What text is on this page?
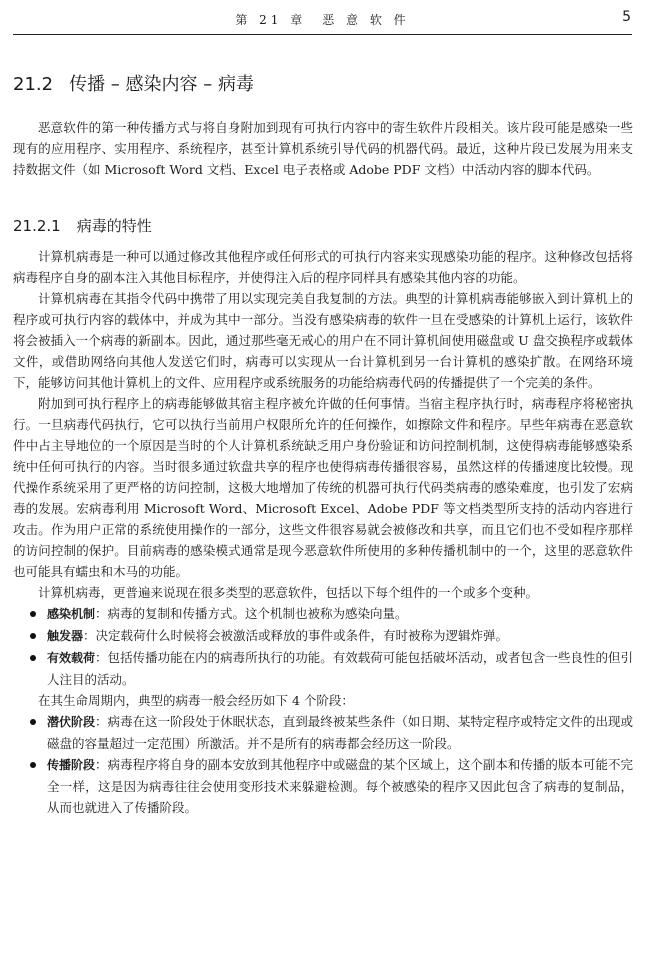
第 21 章　恶 意 软 件	5
21.2 传播 – 感染内容 – 病毒

恶意软件的第一种传播方式与将自身附加到现有可执行内容中的寄生软件片段相关。该片段可能是感染一些现有的应用程序、实用程序、系统程序，甚至计算机系统引导代码的机器代码。最近，这种片段已发展为用来支持数据文件（如 Microsoft Word 文档、Excel 电子表格或 Adobe PDF 文档）中活动内容的脚本代码。

21.2.1 病毒的特性

计算机病毒是一种可以通过修改其他程序或任何形式的可执行内容来实现感染功能的程序。这种修改包括将病毒程序自身的副本注入其他目标程序，并使得注入后的程序同样具有感染其他内容的功能。

计算机病毒在其指令代码中携带了用以实现完美自我复制的方法。典型的计算机病毒能够嵌入到计算机上的程序或可执行内容的载体中，并成为其中一部分。当没有感染病毒的软件一旦在受感染的计算机上运行，该软件将会被插入一个病毒的新副本。因此，通过那些毫无戒心的用户在不同计算机间使用磁盘或 U 盘交换程序或载体文件，或借助网络向其他人发送它们时，病毒可以实现从一台计算机到另一台计算机的感染扩散。在网络环境下，能够访问其他计算机上的文件、应用程序或系统服务的功能给病毒代码的传播提供了一个完美的条件。

附加到可执行程序上的病毒能够做其宿主程序被允许做的任何事情。当宿主程序执行时，病毒程序将秘密执行。一旦病毒代码执行，它可以执行当前用户权限所允许的任何操作，如擦除文件和程序。早些年病毒在恶意软件中占主导地位的一个原因是当时的个人计算机系统缺乏用户身份验证和访问控制机制，这使得病毒能够感染系统中任何可执行的内容。当时很多通过软盘共享的程序也使得病毒传播很容易，虽然这样的传播速度比较慢。现代操作系统采用了更严格的访问控制，这极大地增加了传统的机器可执行代码类病毒的感染难度，也引发了宏病毒的发展。宏病毒利用 Microsoft Word、Microsoft Excel、Adobe PDF 等文档类型所支持的活动内容进行攻击。作为用户正常的系统使用操作的一部分，这些文件很容易就会被修改和共享，而且它们也不受如程序那样的访问控制的保护。目前病毒的感染模式通常是现今恶意软件所使用的多种传播机制中的一个，这里的恶意软件也可能具有蠕虫和木马的功能。

计算机病毒，更普遍来说现在很多类型的恶意软件，包括以下每个组件的一个或多个变种。

感染机制：病毒的复制和传播方式。这个机制也被称为感染向量。
触发器：决定载荷什么时候将会被激活或释放的事件或条件，有时被称为逻辑炸弹。
有效载荷：包括传播功能在内的病毒所执行的功能。有效载荷可能包括破坏活动，或者包含一些良性的但引人注目的活动。

在其生命周期内，典型的病毒一般会经历如下 4 个阶段：

潜伏阶段：病毒在这一阶段处于休眠状态，直到最终被某些条件（如日期、某特定程序或特定文件的出现或磁盘的容量超过一定范围）所激活。并不是所有的病毒都会经历这一阶段。
传播阶段：病毒程序将自身的副本安放到其他程序中或磁盘的某个区域上，这个副本和传播的版本可能不完全一样，这是因为病毒往往会使用变形技术来躲避检测。每个被感染的程序又因此包含了病毒的复制品，从而也就进入了传播阶段。
